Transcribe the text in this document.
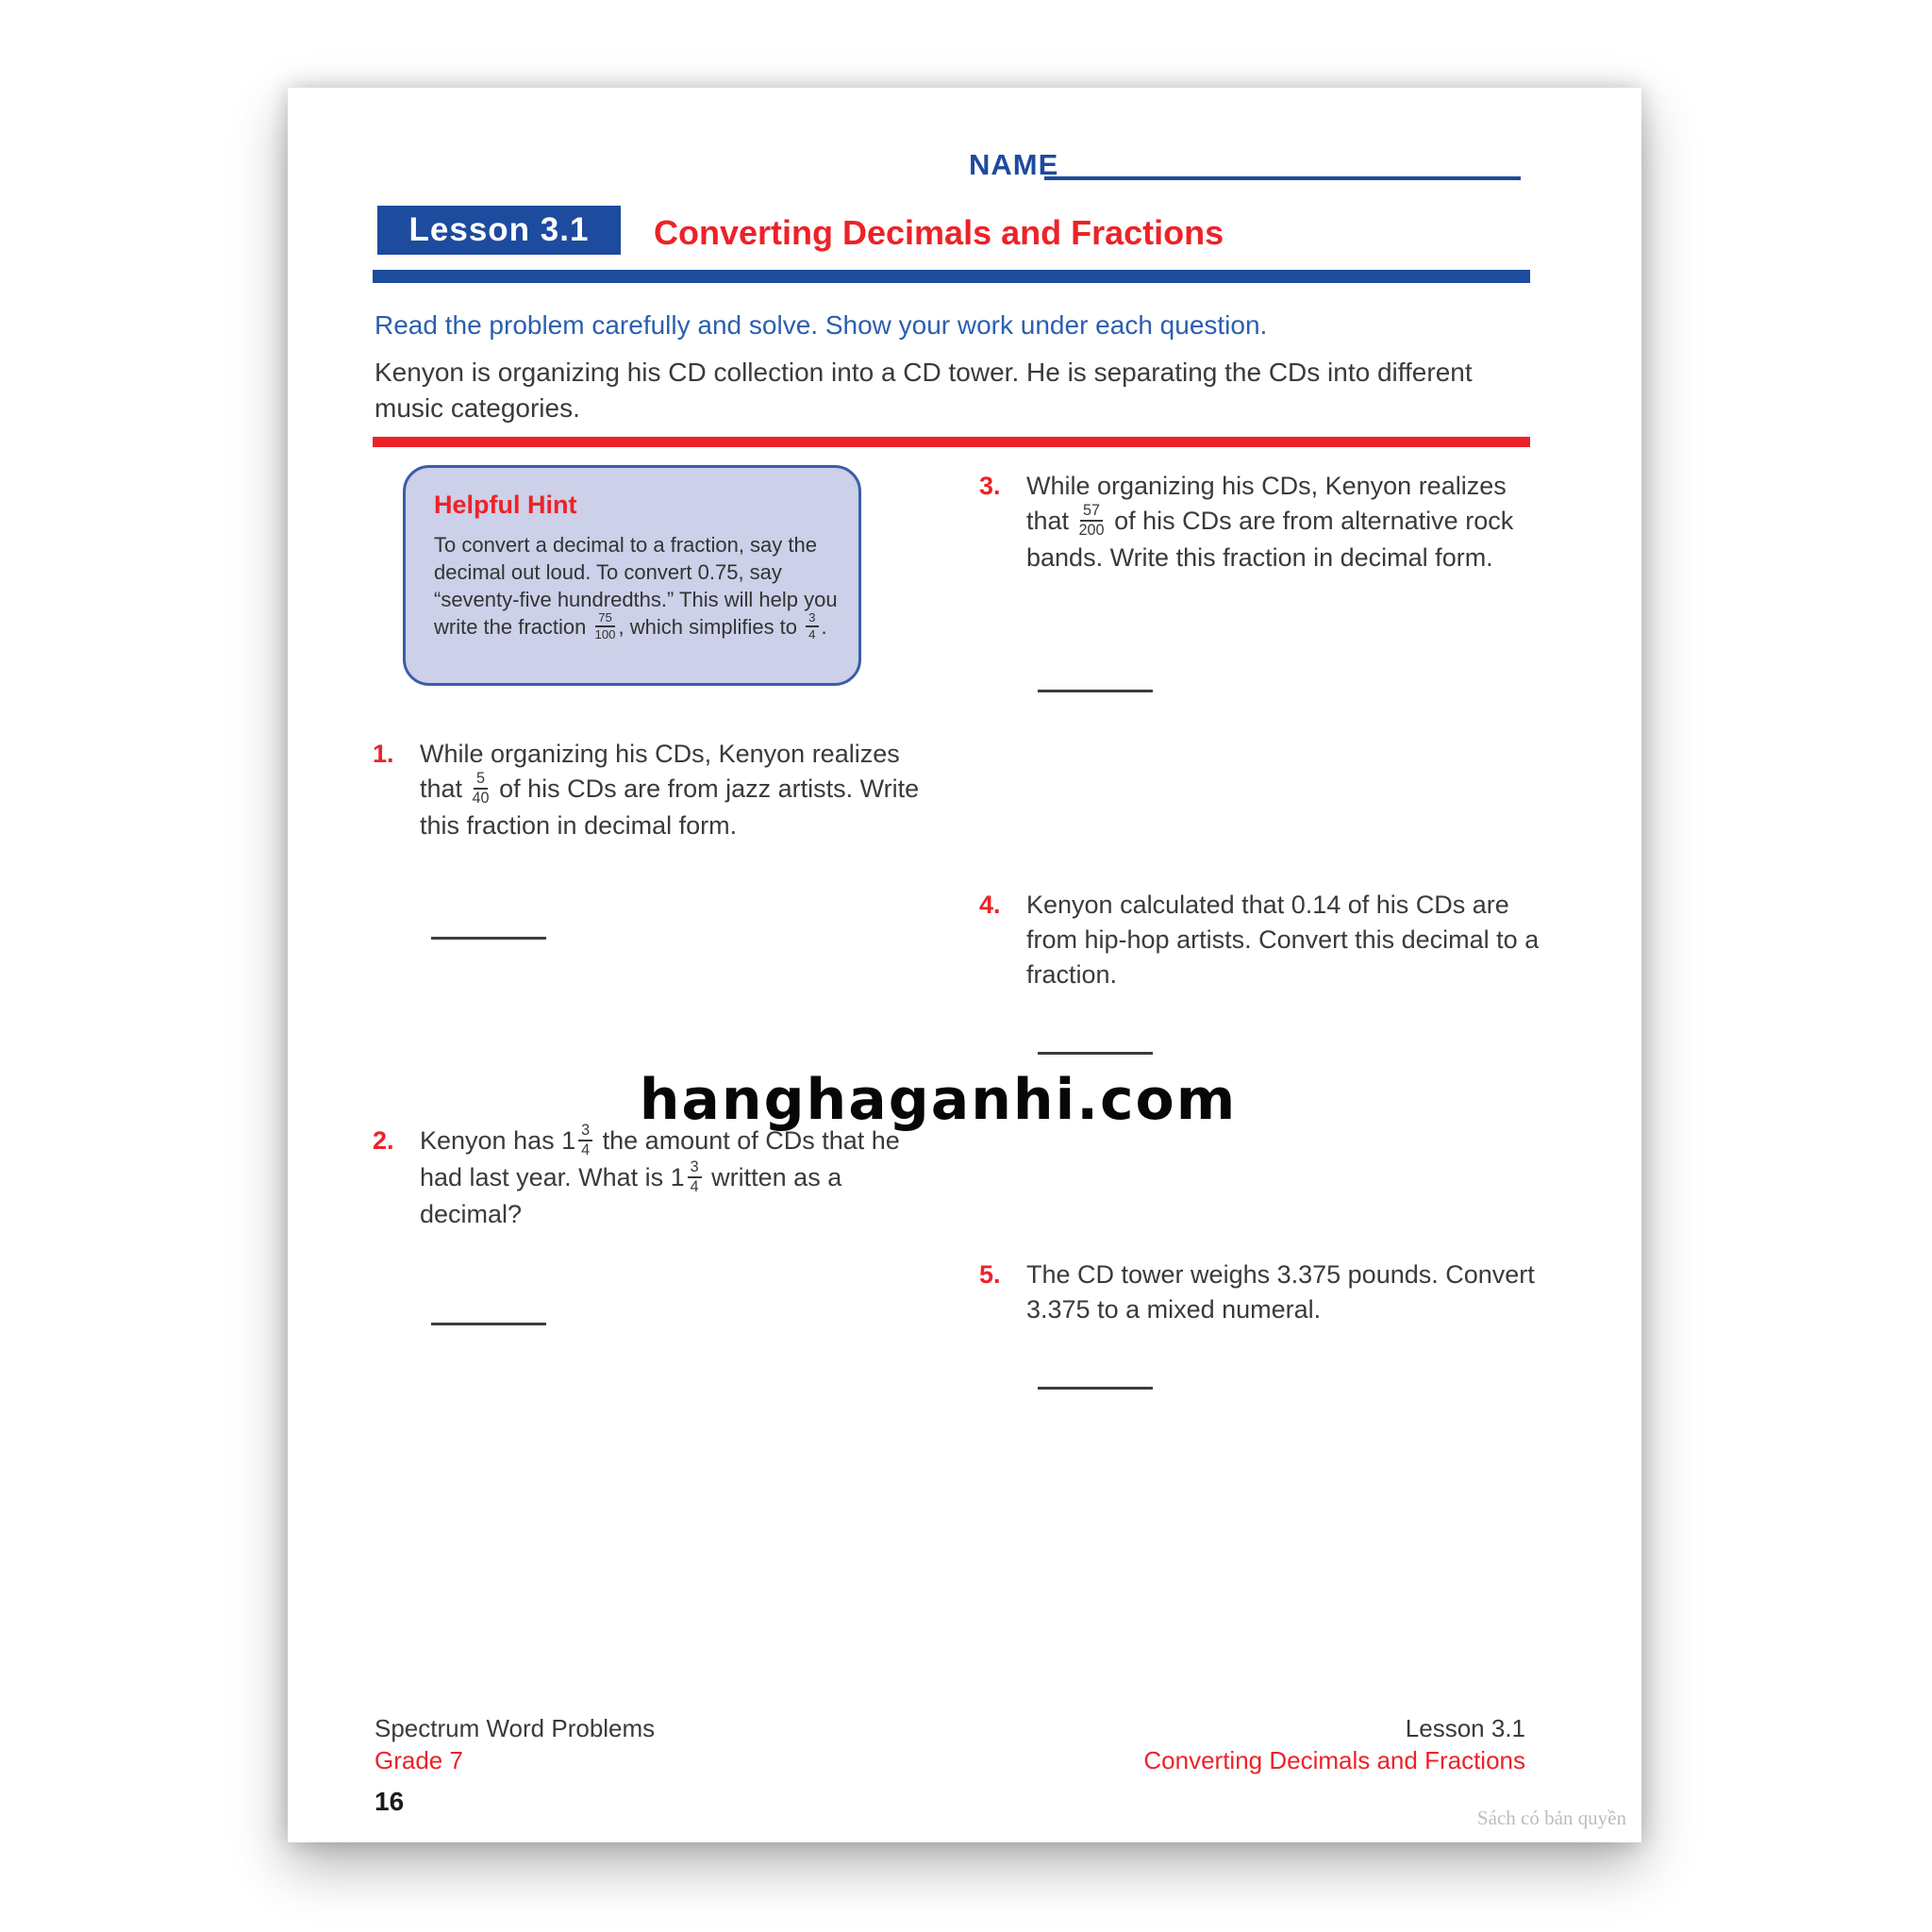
NAME
Lesson 3.1	Converting Decimals and Fractions

Read the problem carefully and solve. Show your work under each question.

Kenyon is organizing his CD collection into a CD tower. He is separating the CDs into different music categories.

Helpful Hint
To convert a decimal to a fraction, say the decimal out loud. To convert 0.75, say “seventy-five hundredths.” This will help you write the fraction $\frac{75}{100}$ , which simplifies to $\frac{3}{4}$ .
1.	While organizing his CDs, Kenyon realizes that $\frac{5}{40}$ of his CDs are from jazz artists. Write this fraction in decimal form.
2.	Kenyon has $1 \frac{3}{4}$ the amount of CDs that he had last year. What is $1 \frac{3}{4}$ written as a decimal?
3.	While organizing his CDs, Kenyon realizes that $\frac{57}{200}$ of his CDs are from alternative rock bands. Write this fraction in decimal form.
4.	Kenyon calculated that 0.14 of his CDs are from hip-hop artists. Convert this decimal to a fraction.
5.	The CD tower weighs 3.375 pounds. Convert 3.375 to a mixed numeral.
hanghaganhi.com
Spectrum Word Problems
Grade 7
16
Lesson 3.1
Converting Decimals and Fractions
Sách có bản quyền
